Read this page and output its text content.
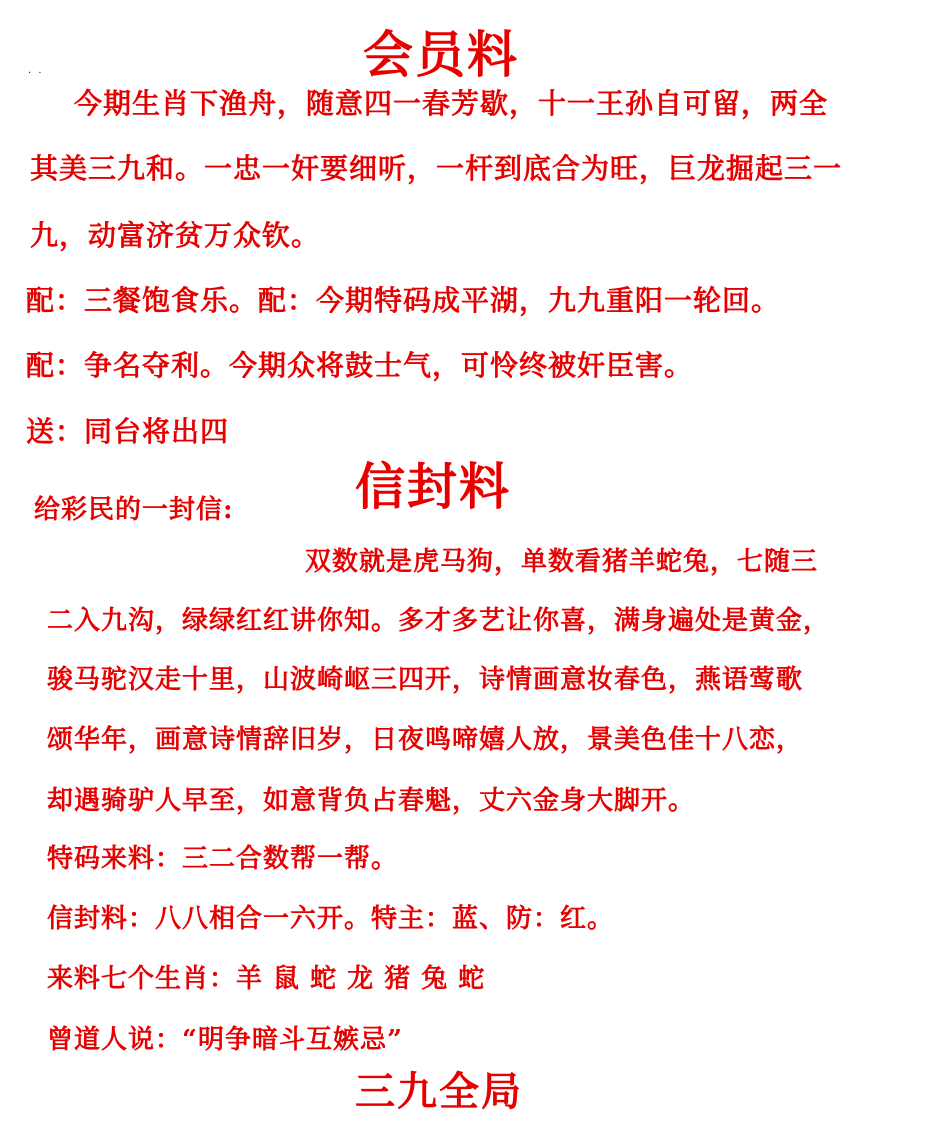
· ·	会员料
今期生肖下渔舟，随意四一春芳歇，十一王孙自可留，两全
其美三九和。一忠一奸要细听，一杆到底合为旺，巨龙掘起三一
九，动富济贫万众钦。
配：三餐饱食乐。配：今期特码成平湖，九九重阳一轮回。
配：争名夺利。今期众将鼓士气，可怜终被奸臣害。
送：同台将出四
信封料
给彩民的一封信:
双数就是虎马狗，单数看猪羊蛇兔，七随三
二入九沟，绿绿红红讲你知。多才多艺让你喜，满身遍处是黄金，
骏马驼汉走十里，山波崎岖三四开，诗情画意妆春色，燕语莺歌
颂华年，画意诗情辞旧岁，日夜鸣啼嬉人放，景美色佳十八恋，
却遇骑驴人早至，如意背负占春魁，丈六金身大脚开。
特码来料：三二合数帮一帮。
信封料：八八相合一六开。特主：蓝、防：红。
来料七个生肖：羊 鼠 蛇 龙 猪 兔 蛇
曾道人说：“明争暗斗互嫉忌”
三九全局
